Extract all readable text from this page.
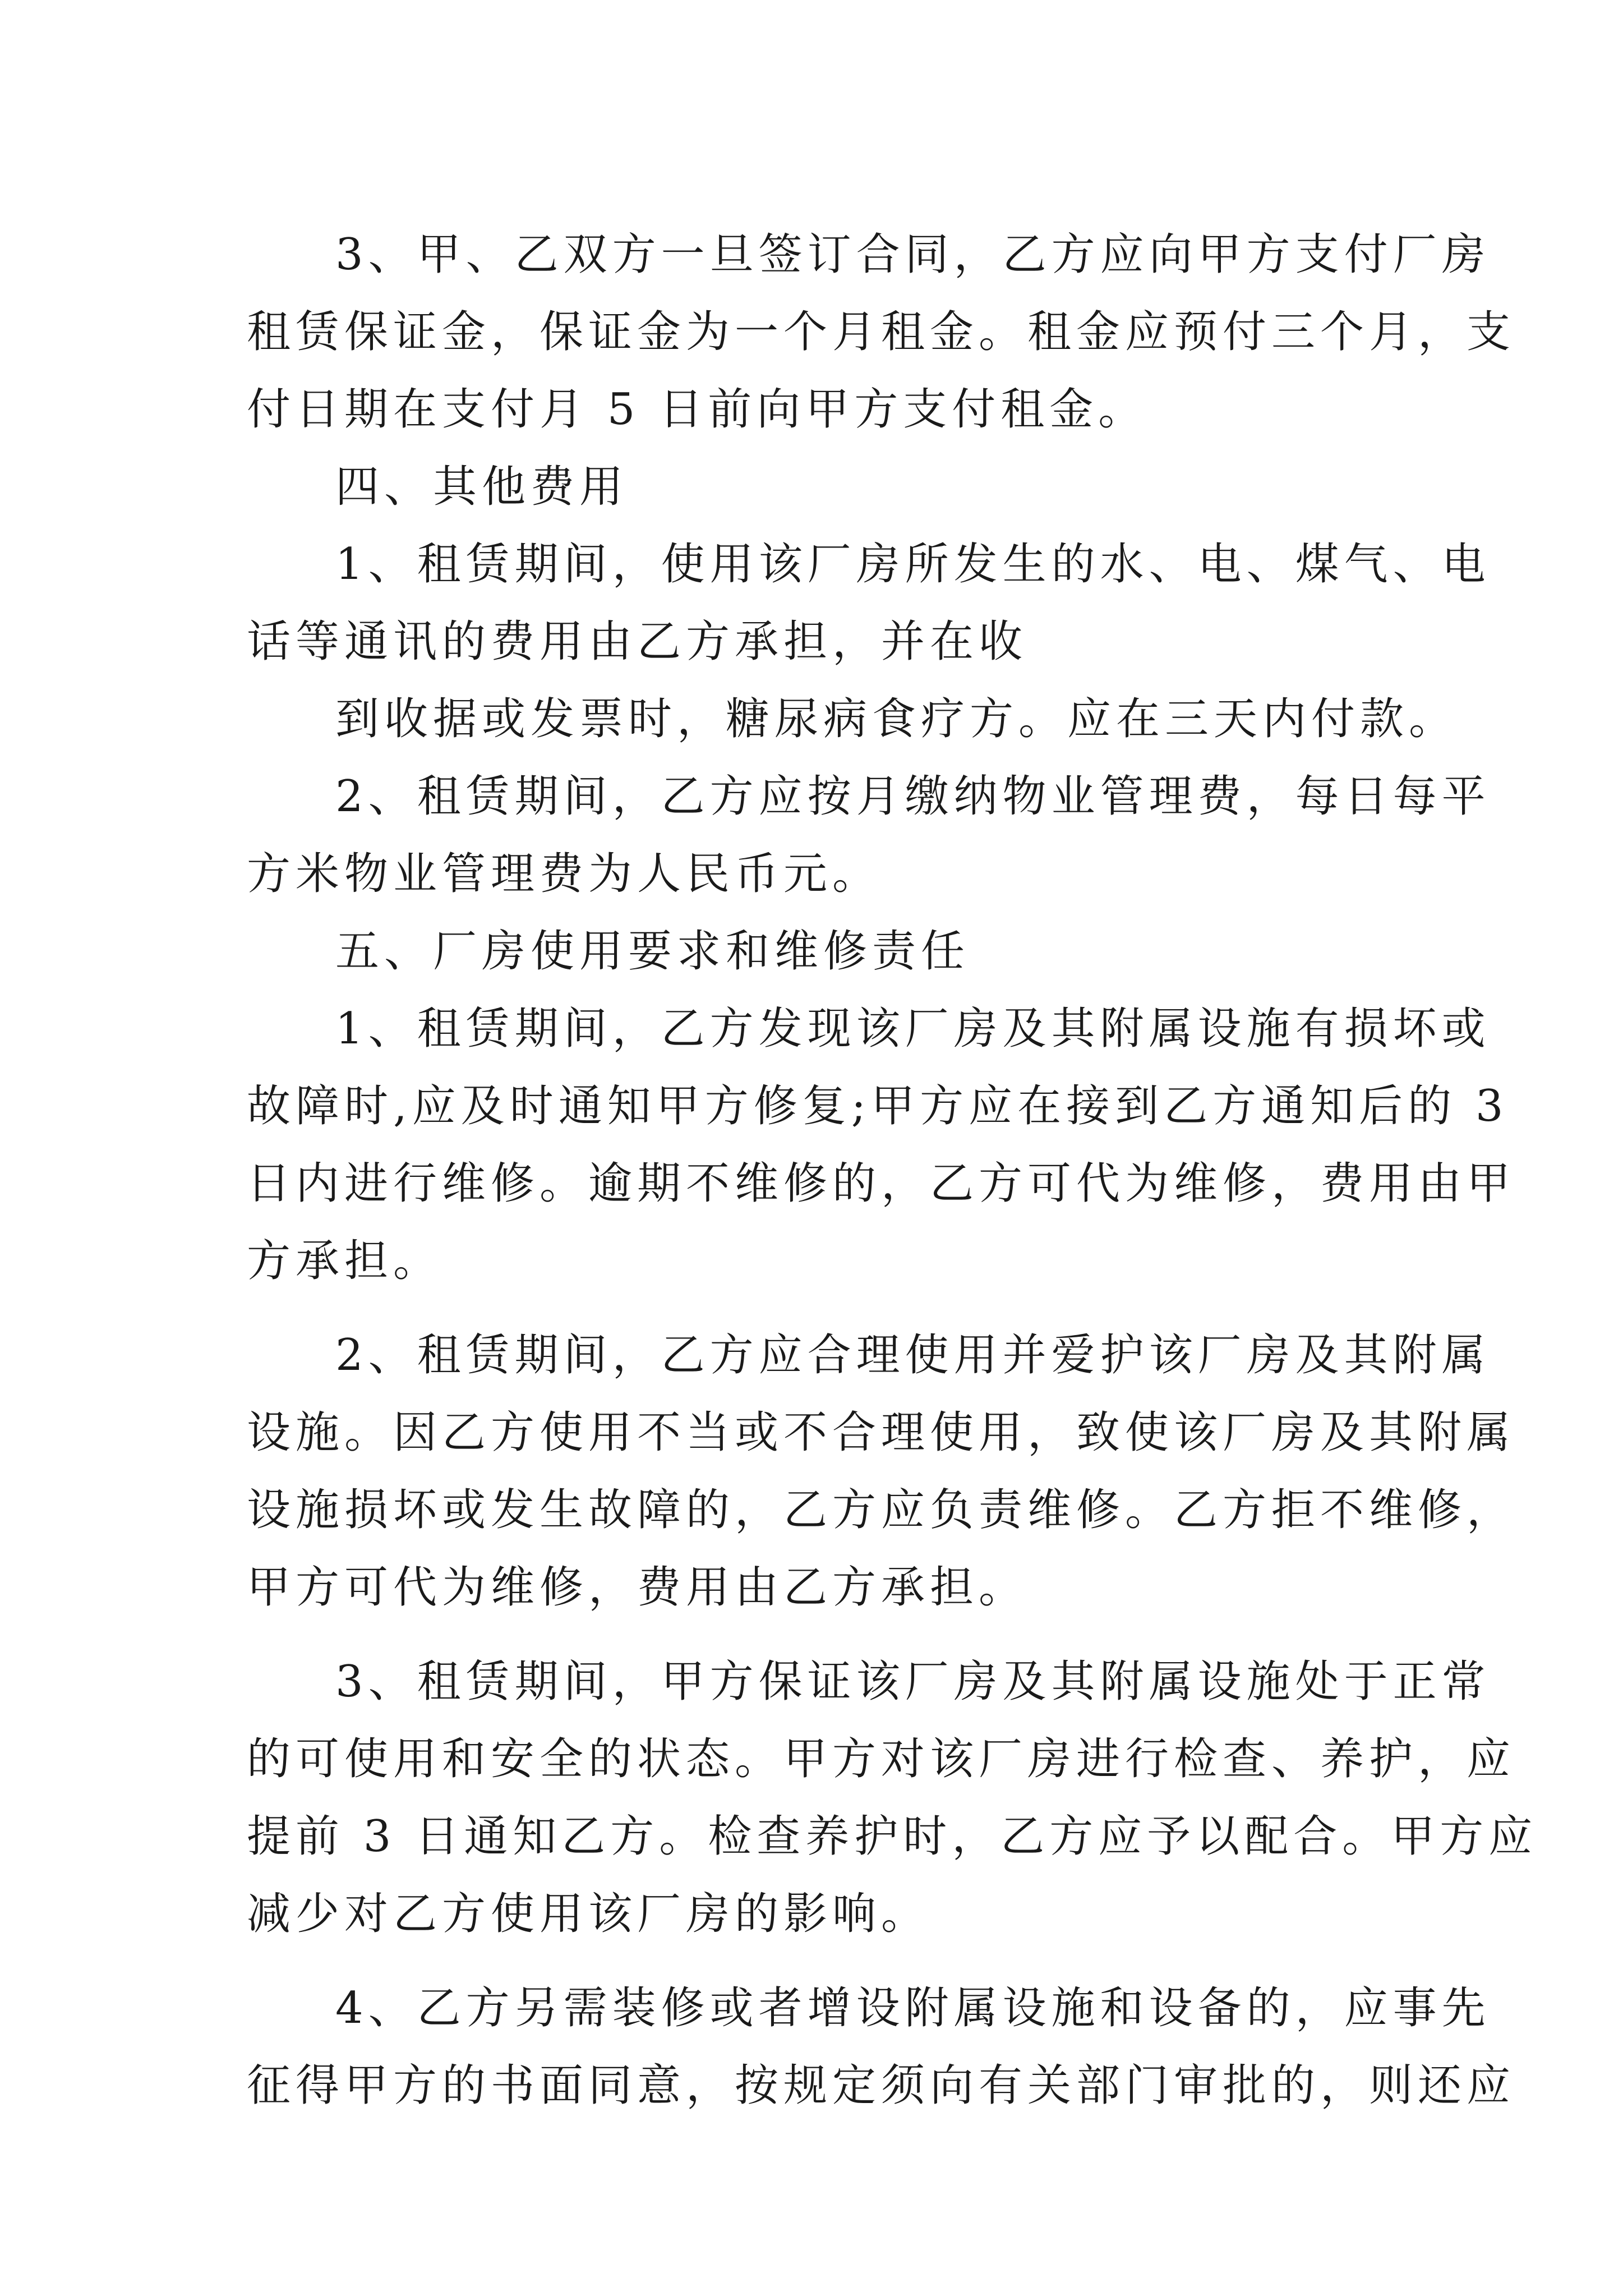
3、甲、乙双方一旦签订合同，乙方应向甲方支付厂房
租赁保证金，保证金为一个月租金。租金应预付三个月，支
付日期在支付月 5 日前向甲方支付租金。
四、其他费用
1、租赁期间，使用该厂房所发生的水、电、煤气、电
话等通讯的费用由乙方承担，并在收
到收据或发票时，糖尿病食疗方。应在三天内付款。
2、租赁期间，乙方应按月缴纳物业管理费，每日每平
方米物业管理费为人民币元。
五、厂房使用要求和维修责任
1、租赁期间，乙方发现该厂房及其附属设施有损坏或
故障时,应及时通知甲方修复;甲方应在接到乙方通知后的 3
日内进行维修。逾期不维修的，乙方可代为维修，费用由甲
方承担。
2、租赁期间，乙方应合理使用并爱护该厂房及其附属
设施。因乙方使用不当或不合理使用，致使该厂房及其附属
设施损坏或发生故障的，乙方应负责维修。乙方拒不维修，
甲方可代为维修，费用由乙方承担。
3、租赁期间，甲方保证该厂房及其附属设施处于正常
的可使用和安全的状态。甲方对该厂房进行检查、养护，应
提前 3 日通知乙方。检查养护时，乙方应予以配合。甲方应
减少对乙方使用该厂房的影响。
4、乙方另需装修或者增设附属设施和设备的，应事先
征得甲方的书面同意，按规定须向有关部门审批的，则还应
